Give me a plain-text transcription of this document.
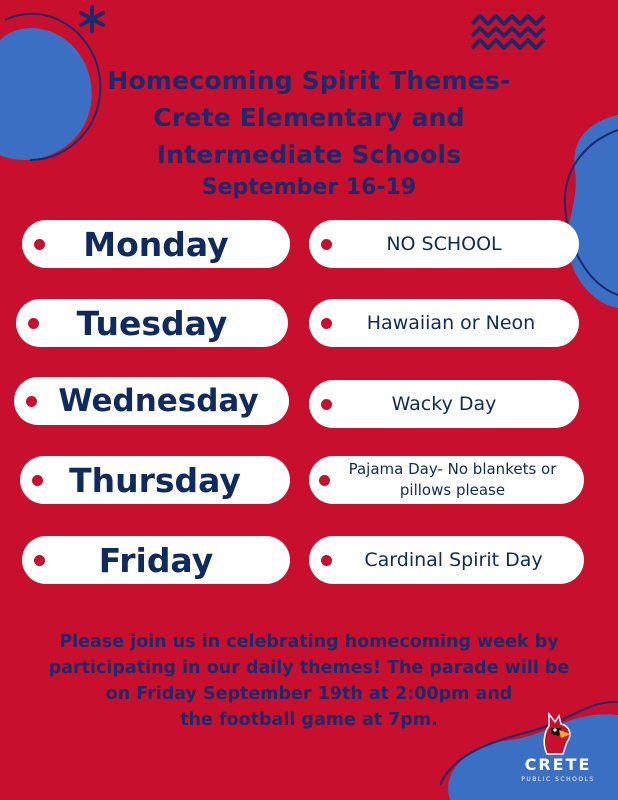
Homecoming Spirit Themes-
Crete Elementary and
Intermediate Schools
September 16-19
Monday	NO SCHOOL
Tuesday	Hawaiian or Neon
Wednesday	Wacky Day
Thursday	Pajama Day- No blankets or pillows please
Friday	Cardinal Spirit Day
Please join us in celebrating homecoming week by
participating in our daily themes! The parade will be
on Friday September 19th at 2:00pm and
the football game at 7pm.
CRETE
PUBLIC SCHOOLS
